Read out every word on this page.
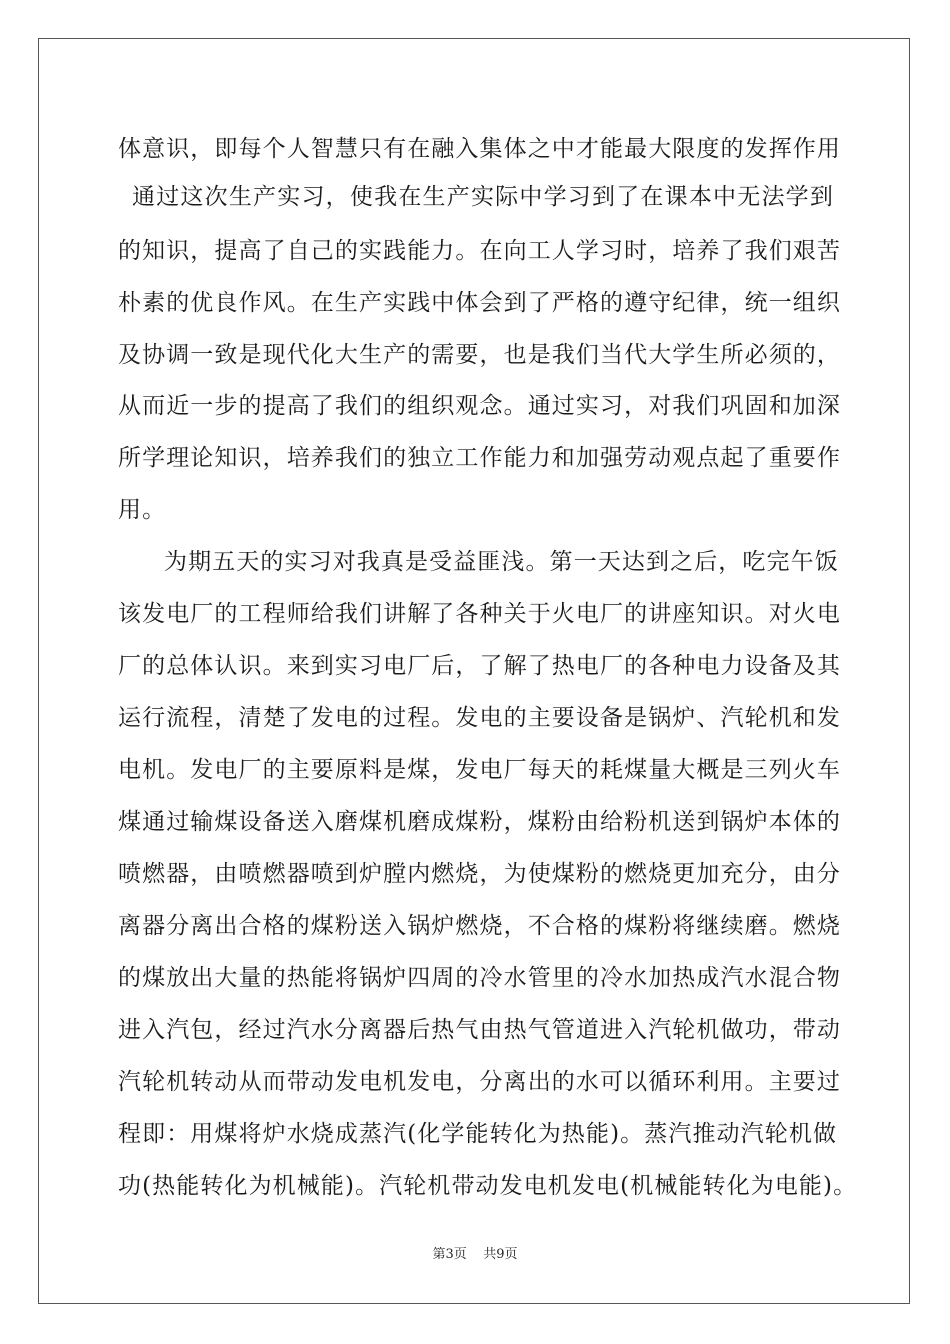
体意识，即每个人智慧只有在融入集体之中才能最大限度的发挥作用
通过这次生产实习，使我在生产实际中学习到了在课本中无法学到
的知识，提高了自己的实践能力。在向工人学习时，培养了我们艰苦
朴素的优良作风。在生产实践中体会到了严格的遵守纪律，统一组织
及协调一致是现代化大生产的需要，也是我们当代大学生所必须的，
从而近一步的提高了我们的组织观念。通过实习，对我们巩固和加深
所学理论知识，培养我们的独立工作能力和加强劳动观点起了重要作
用。
为期五天的实习对我真是受益匪浅。第一天达到之后，吃完午饭
该发电厂的工程师给我们讲解了各种关于火电厂的讲座知识。对火电
厂的总体认识。来到实习电厂后，了解了热电厂的各种电力设备及其
运行流程，清楚了发电的过程。发电的主要设备是锅炉、汽轮机和发
电机。发电厂的主要原料是煤，发电厂每天的耗煤量大概是三列火车
煤通过输煤设备送入磨煤机磨成煤粉，煤粉由给粉机送到锅炉本体的
喷燃器，由喷燃器喷到炉膛内燃烧，为使煤粉的燃烧更加充分，由分
离器分离出合格的煤粉送入锅炉燃烧，不合格的煤粉将继续磨。燃烧
的煤放出大量的热能将锅炉四周的冷水管里的冷水加热成汽水混合物
进入汽包，经过汽水分离器后热气由热气管道进入汽轮机做功，带动
汽轮机转动从而带动发电机发电，分离出的水可以循环利用。主要过
程即：用煤将炉水烧成蒸汽(化学能转化为热能)。蒸汽推动汽轮机做
功(热能转化为机械能)。汽轮机带动发电机发电(机械能转化为电能)。
第3页 共9页
